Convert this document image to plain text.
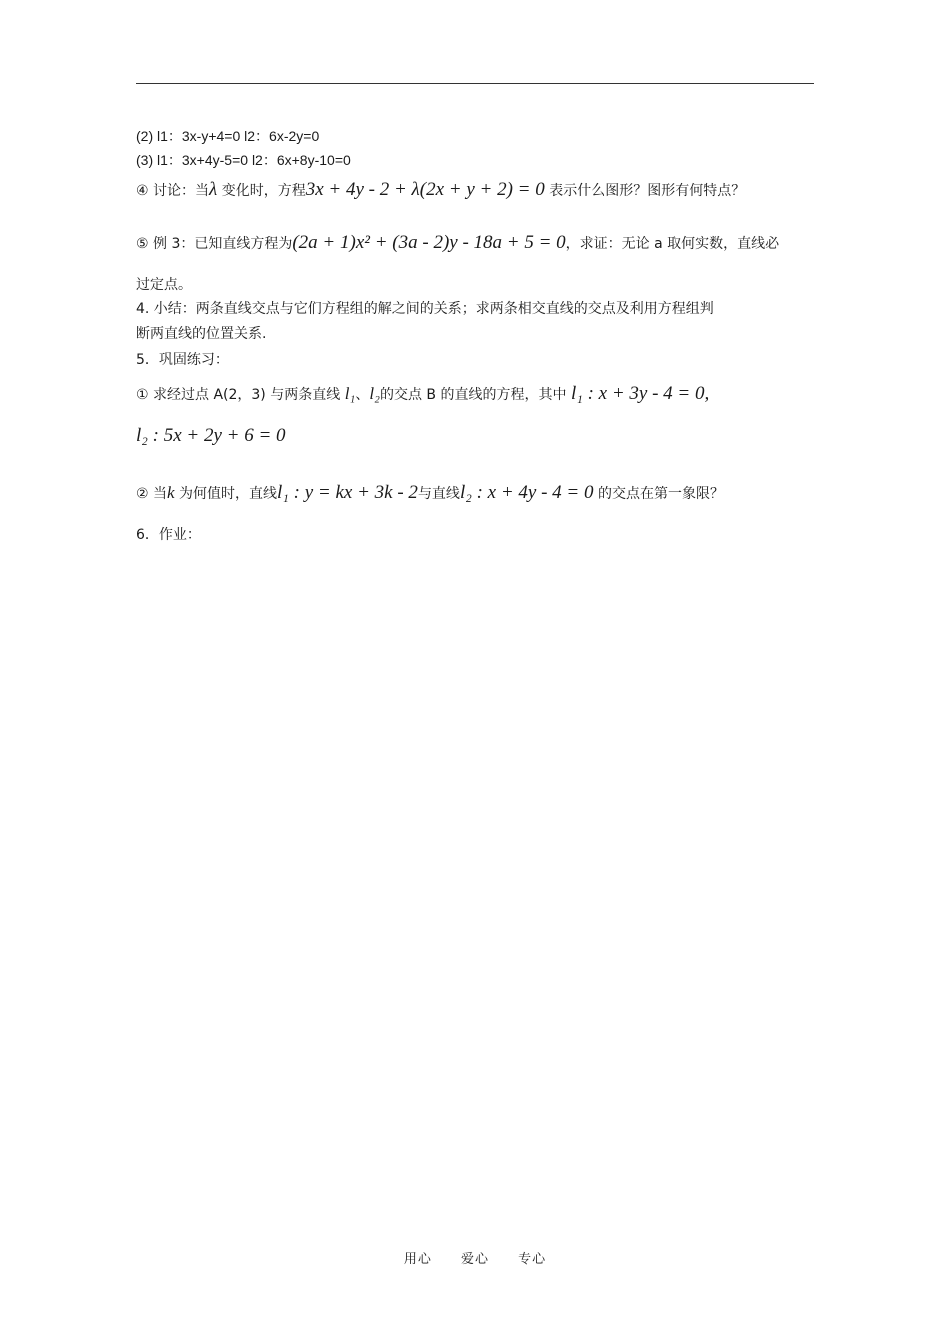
(2) l1：3x-y+4=0 l2：6x-2y=0
(3) l1：3x+4y-5=0 l2：6x+8y-10=0
④ 讨论：当λ 变化时，方程3x + 4y - 2 + λ(2x + y + 2) = 0 表示什么图形？图形有何特点？
⑤ 例 3：已知直线方程为(2a + 1)x² + (3a - 2)y - 18a + 5 = 0，求证：无论 a 取何实数，直线必
过定点。
4. 小结：两条直线交点与它们方程组的解之间的关系；求两条相交直线的交点及利用方程组判
断两直线的位置关系.
5．巩固练习：
① 求经过点 A(2，3) 与两条直线 l₁、l₂的交点 B 的直线的方程，其中 l₁ : x + 3y - 4 = 0,
l₂ : 5x + 2y + 6 = 0
② 当k 为何值时，直线l₁ : y = kx + 3k - 2与直线l₂ : x + 4y - 4 = 0 的交点在第一象限？
6．作业：
用心 爱心 专心
